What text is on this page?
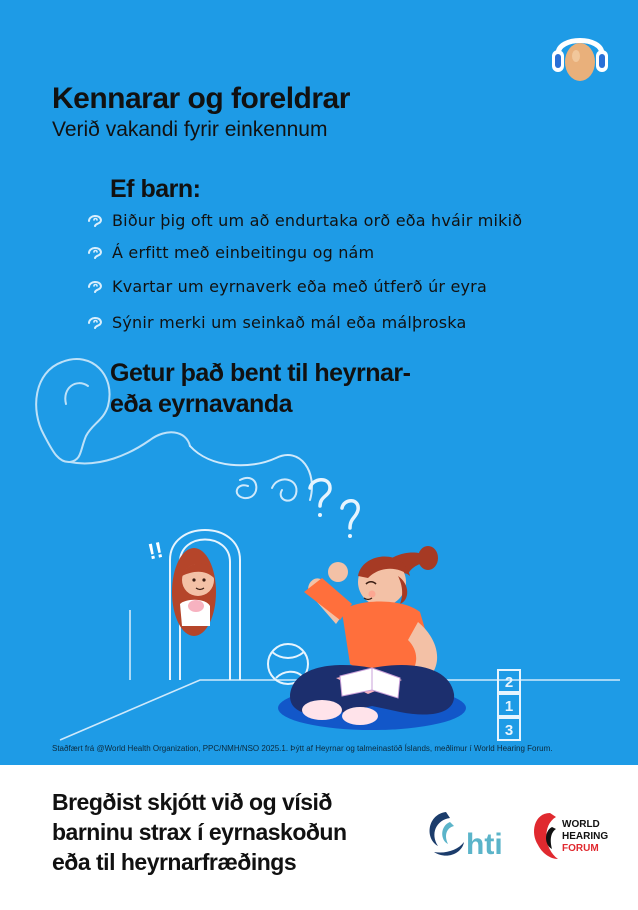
!!
2
1
3
Kennarar og foreldrar

Verið vakandi fyrir einkennum

Ef barn:
Biður þig oft um að endurtaka orð eða hváir mikið
Á erfitt með einbeitingu og nám
Kvartar um eyrnaverk eða með útferð úr eyra
Sýnir merki um seinkað mál eða málþroska
Getur það bent til heyrnar-
eða eyrnavanda

Staðfært frá @World Health Organization, PPC/NMH/NSO 2025.1. Þýtt af Heyrnar og talmeinastöð Íslands, meðlimur í World Hearing Forum.

Bregðist skjótt við og vísið
barninu strax í eyrnaskoðun
eða til heyrnarfræðings
hti
WORLD
HEARING
FORUM
